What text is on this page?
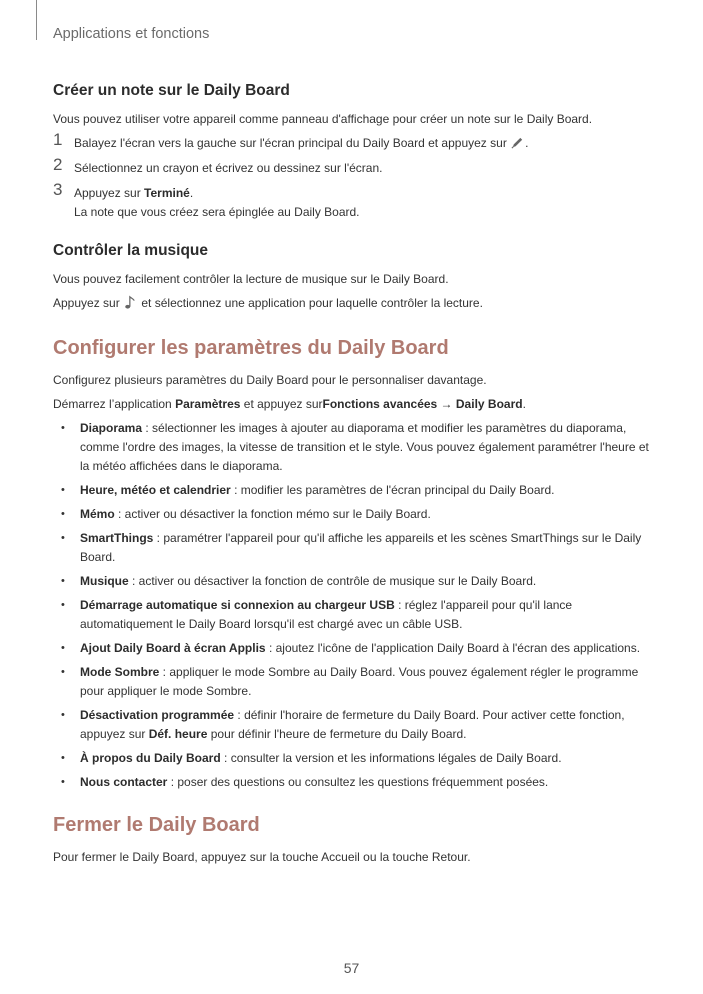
Applications et fonctions
Créer un note sur le Daily Board

Vous pouvez utiliser votre appareil comme panneau d'affichage pour créer un note sur le Daily Board.

1 Balayez l'écran vers la gauche sur l'écran principal du Daily Board et appuyez sur .
2 Sélectionnez un crayon et écrivez ou dessinez sur l'écran.
3 Appuyez sur Terminé.
La note que vous créez sera épinglée au Daily Board.
Contrôler la musique

Vous pouvez facilement contrôler la lecture de musique sur le Daily Board.

Appuyez sur  et sélectionnez une application pour laquelle contrôler la lecture.

Configurer les paramètres du Daily Board

Configurez plusieurs paramètres du Daily Board pour le personnaliser davantage.

Démarrez l’application Paramètres et appuyez surFonctions avancées → Daily Board.

• Diaporama : sélectionner les images à ajouter au diaporama et modifier les paramètres du diaporama, comme l'ordre des images, la vitesse de transition et le style. Vous pouvez également paramétrer l'heure et la météo affichées dans le diaporama.
• Heure, météo et calendrier : modifier les paramètres de l'écran principal du Daily Board.
• Mémo : activer ou désactiver la fonction mémo sur le Daily Board.
• SmartThings : paramétrer l'appareil pour qu'il affiche les appareils et les scènes SmartThings sur le Daily Board.
• Musique : activer ou désactiver la fonction de contrôle de musique sur le Daily Board.
• Démarrage automatique si connexion au chargeur USB : réglez l'appareil pour qu'il lance automatiquement le Daily Board lorsqu'il est chargé avec un câble USB.
• Ajout Daily Board à écran Applis : ajoutez l'icône de l'application Daily Board à l'écran des applications.
• Mode Sombre : appliquer le mode Sombre au Daily Board. Vous pouvez également régler le programme pour appliquer le mode Sombre.
• Désactivation programmée : définir l'horaire de fermeture du Daily Board. Pour activer cette fonction, appuyez sur Déf. heure pour définir l'heure de fermeture du Daily Board.
• À propos du Daily Board : consulter la version et les informations légales de Daily Board.
• Nous contacter : poser des questions ou consultez les questions fréquemment posées.
Fermer le Daily Board

Pour fermer le Daily Board, appuyez sur la touche Accueil ou la touche Retour.

57
